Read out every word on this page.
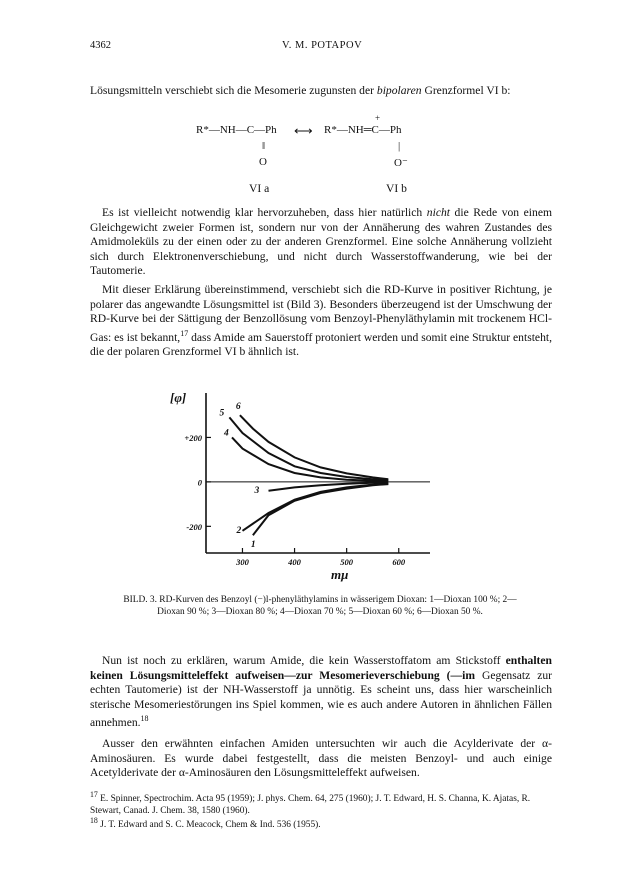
4362	V. M. POTAPOV

Lösungsmitteln verschiebt sich die Mesomerie zugunsten der bipolaren Grenzformel VI b:

R*—NH—C—Ph ⟷ R*—NH═C—Ph
+
‖	|
O	O⁻
VI a	VI b

Es ist vielleicht notwendig klar hervorzuheben, dass hier natürlich nicht die Rede von einem Gleichgewicht zweier Formen ist, sondern nur von der Annäherung des wahren Zustandes des Amidmoleküls zu der einen oder zu der anderen Grenzformel. Eine solche Annäherung vollzieht sich durch Elektronenverschiebung, und nicht durch Wasserstoffwanderung, wie bei der Tautomerie.

Mit dieser Erklärung übereinstimmend, verschiebt sich die RD-Kurve in positiver Richtung, je polarer das angewandte Lösungsmittel ist (Bild 3). Besonders überzeugend ist der Umschwung der RD-Kurve bei der Sättigung der Benzollösung vom Benzoyl-Phenyläthylamin mit trockenem HCl-Gas: es ist bekannt,$^{17}$ dass Amide am Sauerstoff protoniert werden und somit eine Struktur entsteht, die der polaren Grenzformel VI b ähnlich ist.

[φ]
mμ
+200
0
-200
300	400	500	600
1
2
3
4
5
6
BILD. 3. RD-Kurven des Benzoyl (−)l-phenyläthylamins in wässerigem Dioxan: 1—Dioxan 100 %; 2—Dioxan 90 %; 3—Dioxan 80 %; 4—Dioxan 70 %; 5—Dioxan 60 %; 6—Dioxan 50 %.

Nun ist noch zu erklären, warum Amide, die kein Wasserstoffatom am Stickstoff enthalten keinen Lösungsmitteleffekt aufweisen—zur Mesomerieverschiebung (—im Gegensatz zur echten Tautomerie) ist der NH-Wasserstoff ja unnötig. Es scheint uns, dass hier warscheinlich sterische Mesomeriestörungen ins Spiel kommen, wie es auch andere Autoren in ähnlichen Fällen annehmen.$^{18}$

Ausser den erwähnten einfachen Amiden untersuchten wir auch die Acylderivate der α-Aminosäuren. Es wurde dabei festgestellt, dass die meisten Benzoyl- und auch einige Acetylderivate der α-Aminosäuren den Lösungsmitteleffekt aufweisen.

$^{17}$ E. Spinner, Spectrochim. Acta 95 (1959); J. phys. Chem. 64, 275 (1960); J. T. Edward, H. S. Channa, K. Ajatas, R. Stewart, Canad. J. Chem. 38, 1580 (1960).
$^{18}$ J. T. Edward and S. C. Meacock, Chem & Ind. 536 (1955).
